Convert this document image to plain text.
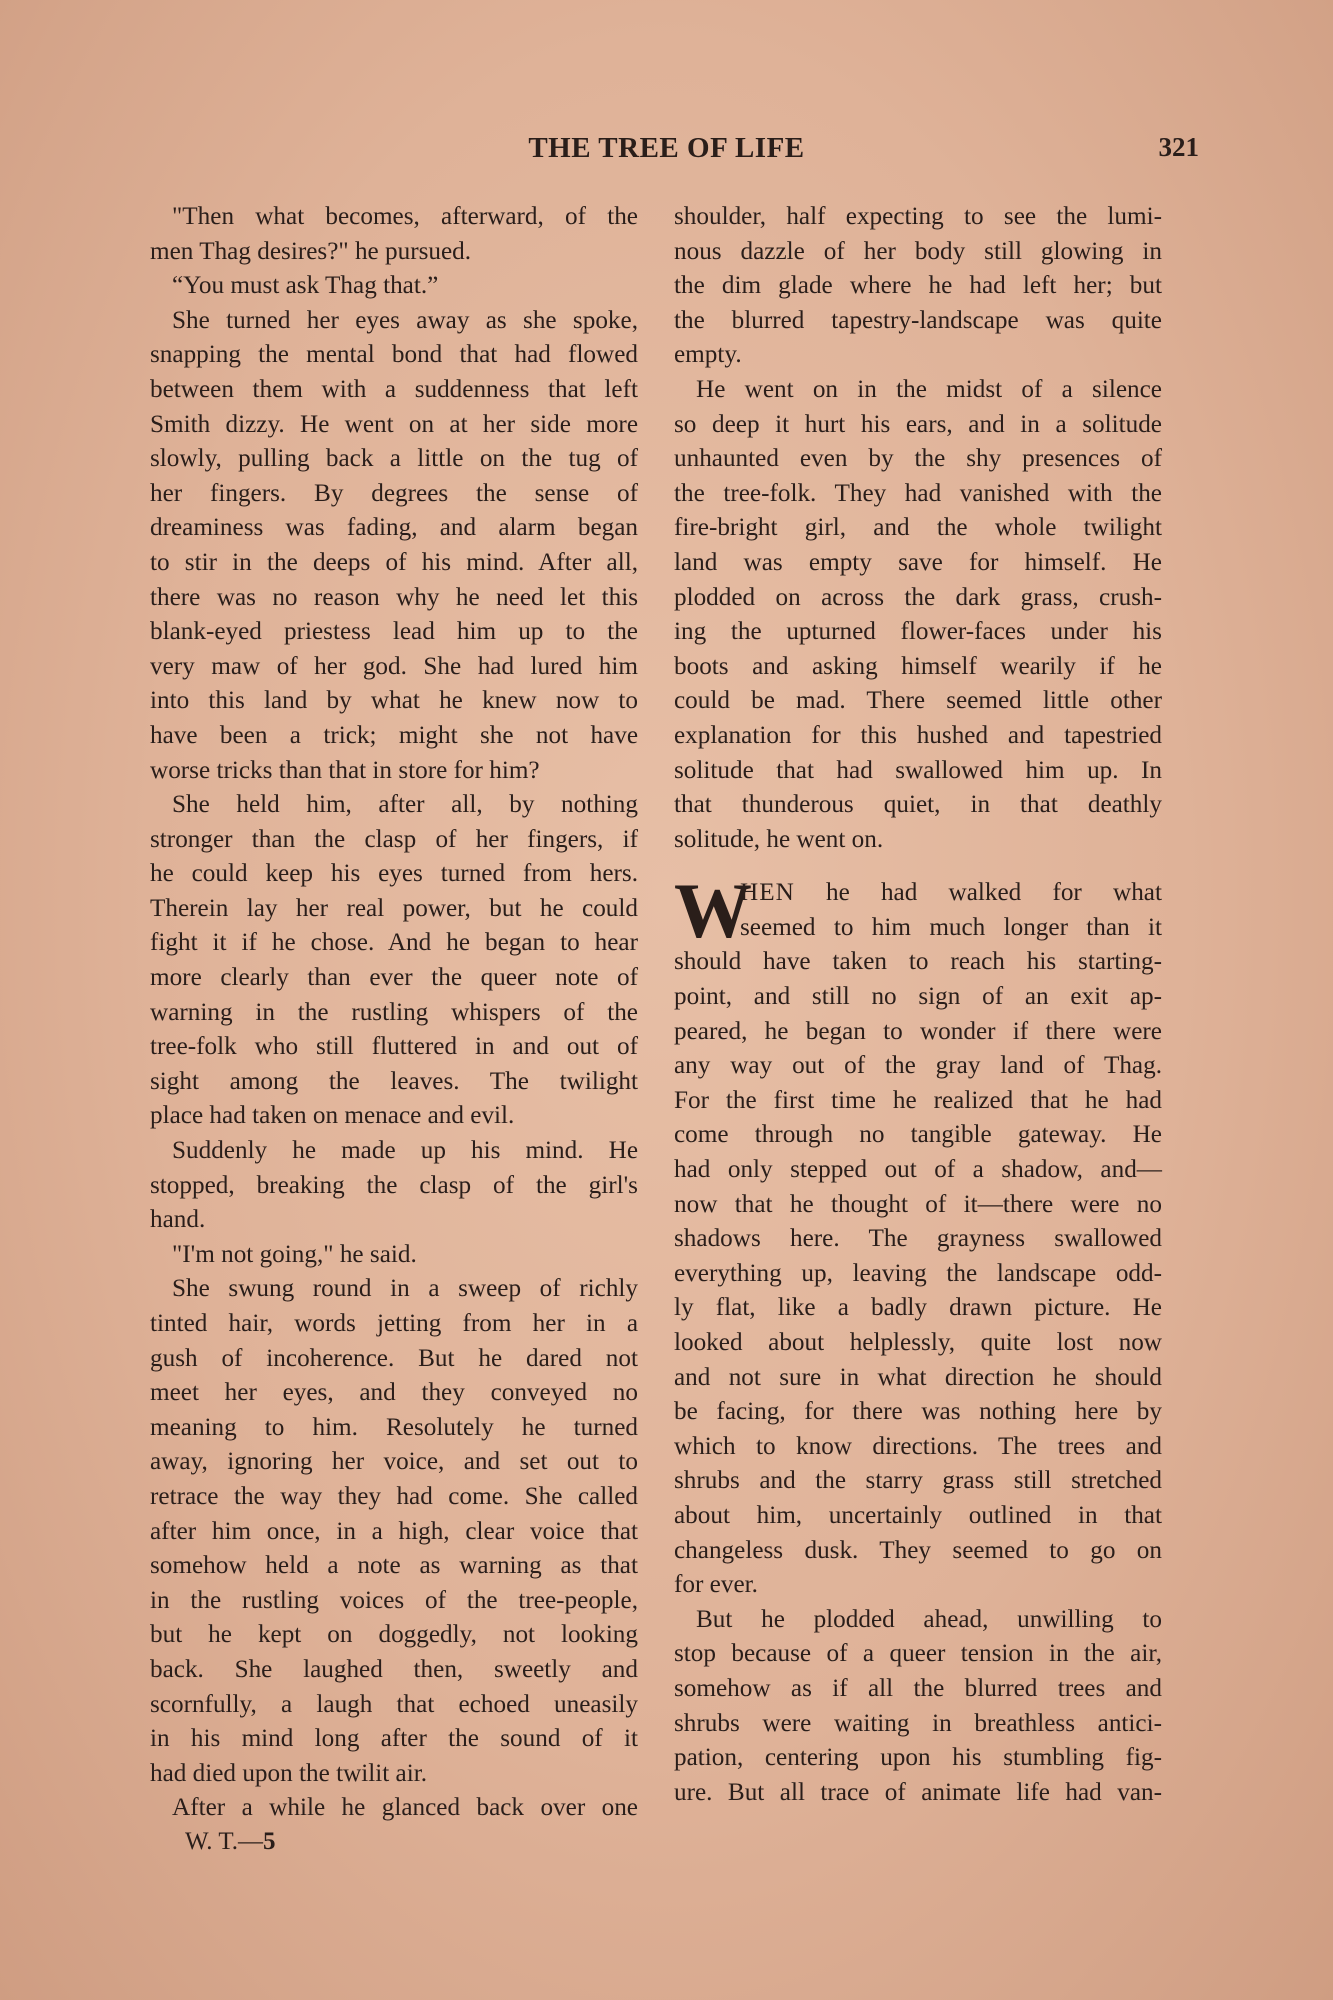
THE TREE OF LIFE	321
"Then what becomes, afterward, of the
men Thag desires?" he pursued.
“You must ask Thag that.”
She turned her eyes away as she spoke,
snapping the mental bond that had flowed
between them with a suddenness that left
Smith dizzy. He went on at her side more
slowly, pulling back a little on the tug of
her fingers. By degrees the sense of
dreaminess was fading, and alarm began
to stir in the deeps of his mind. After all,
there was no reason why he need let this
blank-eyed priestess lead him up to the
very maw of her god. She had lured him
into this land by what he knew now to
have been a trick; might she not have
worse tricks than that in store for him?
She held him, after all, by nothing
stronger than the clasp of her fingers, if
he could keep his eyes turned from hers.
Therein lay her real power, but he could
fight it if he chose. And he began to hear
more clearly than ever the queer note of
warning in the rustling whispers of the
tree-folk who still fluttered in and out of
sight among the leaves. The twilight
place had taken on menace and evil.
Suddenly he made up his mind. He
stopped, breaking the clasp of the girl's
hand.
"I'm not going," he said.
She swung round in a sweep of richly
tinted hair, words jetting from her in a
gush of incoherence. But he dared not
meet her eyes, and they conveyed no
meaning to him. Resolutely he turned
away, ignoring her voice, and set out to
retrace the way they had come. She called
after him once, in a high, clear voice that
somehow held a note as warning as that
in the rustling voices of the tree-people,
but he kept on doggedly, not looking
back. She laughed then, sweetly and
scornfully, a laugh that echoed uneasily
in his mind long after the sound of it
had died upon the twilit air.
After a while he glanced back over one
shoulder, half expecting to see the lumi-
nous dazzle of her body still glowing in
the dim glade where he had left her; but
the blurred tapestry-landscape was quite
empty.
He went on in the midst of a silence
so deep it hurt his ears, and in a solitude
unhaunted even by the shy presences of
the tree-folk. They had vanished with the
fire-bright girl, and the whole twilight
land was empty save for himself. He
plodded on across the dark grass, crush-
ing the upturned flower-faces under his
boots and asking himself wearily if he
could be mad. There seemed little other
explanation for this hushed and tapestried
solitude that had swallowed him up. In
that thunderous quiet, in that deathly
solitude, he went on.
W
HEN he had walked for what
seemed to him much longer than it
should have taken to reach his starting-
point, and still no sign of an exit ap-
peared, he began to wonder if there were
any way out of the gray land of Thag.
For the first time he realized that he had
come through no tangible gateway. He
had only stepped out of a shadow, and—
now that he thought of it—there were no
shadows here. The grayness swallowed
everything up, leaving the landscape odd-
ly flat, like a badly drawn picture. He
looked about helplessly, quite lost now
and not sure in what direction he should
be facing, for there was nothing here by
which to know directions. The trees and
shrubs and the starry grass still stretched
about him, uncertainly outlined in that
changeless dusk. They seemed to go on
for ever.
But he plodded ahead, unwilling to
stop because of a queer tension in the air,
somehow as if all the blurred trees and
shrubs were waiting in breathless antici-
pation, centering upon his stumbling fig-
ure. But all trace of animate life had van-
W. T.—5
